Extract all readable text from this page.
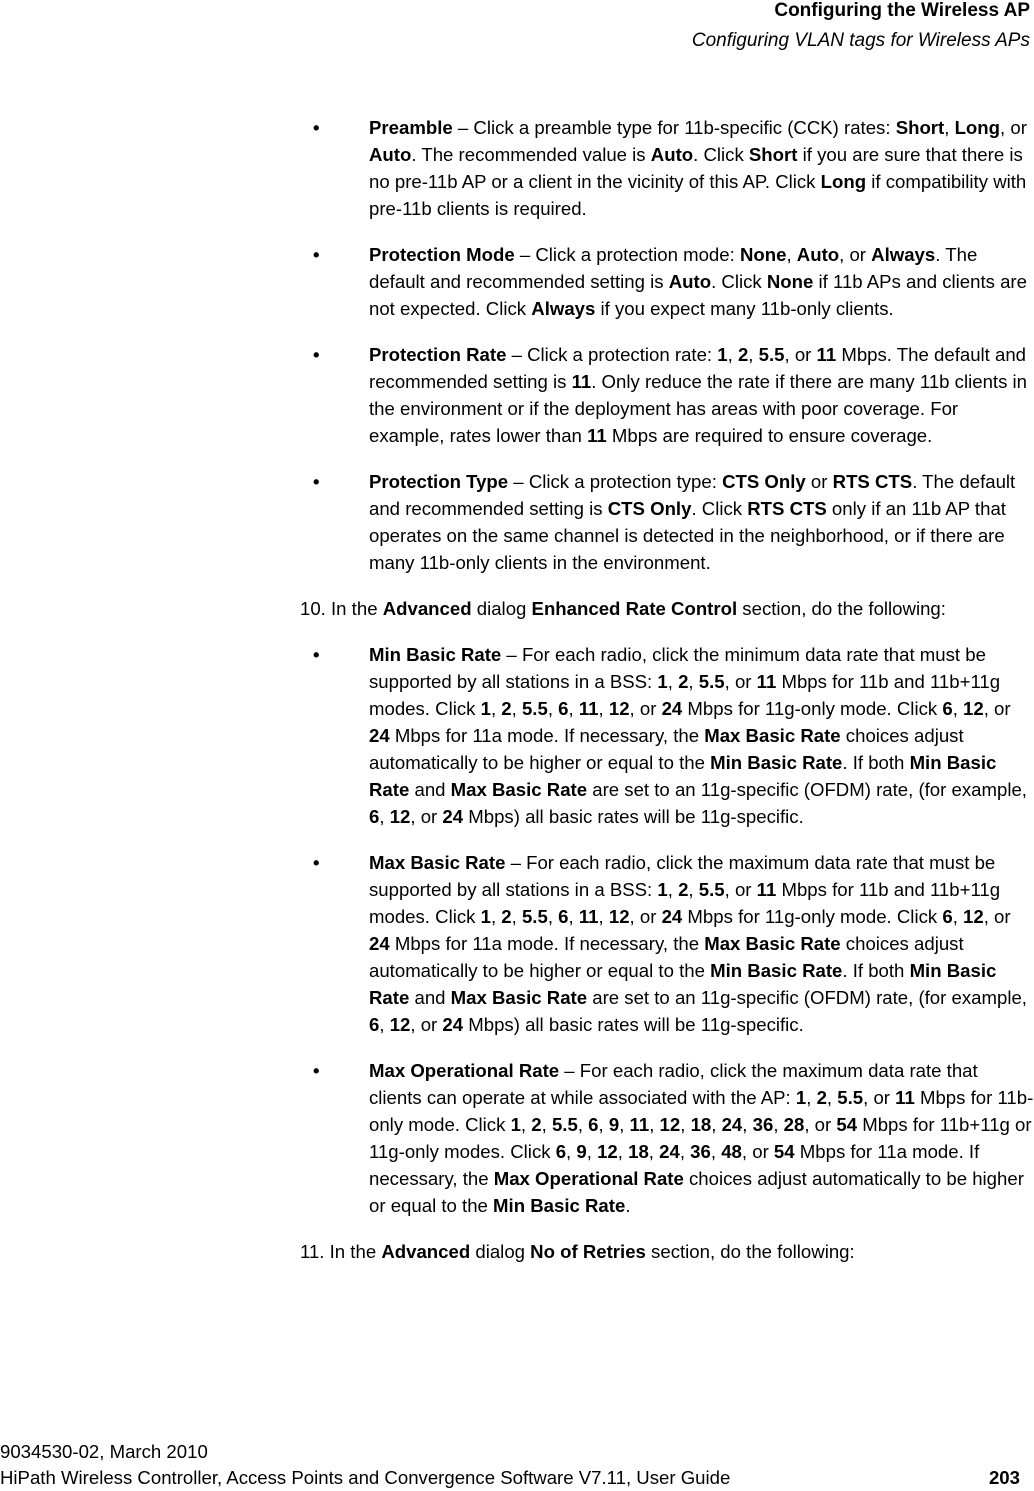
Configuring the Wireless AP
Configuring VLAN tags for Wireless APs
•	Preamble – Click a preamble type for 11b-specific (CCK) rates: Short, Long, or Auto. The recommended value is Auto. Click Short if you are sure that there is no pre-11b AP or a client in the vicinity of this AP. Click Long if compatibility with pre-11b clients is required.
•	Protection Mode – Click a protection mode: None, Auto, or Always. The default and recommended setting is Auto. Click None if 11b APs and clients are not expected. Click Always if you expect many 11b-only clients.
•	Protection Rate – Click a protection rate: 1, 2, 5.5, or 11 Mbps. The default and recommended setting is 11. Only reduce the rate if there are many 11b clients in the environment or if the deployment has areas with poor coverage. For example, rates lower than 11 Mbps are required to ensure coverage.
•	Protection Type – Click a protection type: CTS Only or RTS CTS. The default and recommended setting is CTS Only. Click RTS CTS only if an 11b AP that operates on the same channel is detected in the neighborhood, or if there are many 11b-only clients in the environment.
10. In the Advanced dialog Enhanced Rate Control section, do the following:
•	Min Basic Rate – For each radio, click the minimum data rate that must be supported by all stations in a BSS: 1, 2, 5.5, or 11 Mbps for 11b and 11b+11g modes. Click 1, 2, 5.5, 6, 11, 12, or 24 Mbps for 11g-only mode. Click 6, 12, or 24 Mbps for 11a mode. If necessary, the Max Basic Rate choices adjust automatically to be higher or equal to the Min Basic Rate. If both Min Basic Rate and Max Basic Rate are set to an 11g-specific (OFDM) rate, (for example, 6, 12, or 24 Mbps) all basic rates will be 11g-specific.
•	Max Basic Rate – For each radio, click the maximum data rate that must be supported by all stations in a BSS: 1, 2, 5.5, or 11 Mbps for 11b and 11b+11g modes. Click 1, 2, 5.5, 6, 11, 12, or 24 Mbps for 11g-only mode. Click 6, 12, or 24 Mbps for 11a mode. If necessary, the Max Basic Rate choices adjust automatically to be higher or equal to the Min Basic Rate. If both Min Basic Rate and Max Basic Rate are set to an 11g-specific (OFDM) rate, (for example, 6, 12, or 24 Mbps) all basic rates will be 11g-specific.
•	Max Operational Rate – For each radio, click the maximum data rate that clients can operate at while associated with the AP: 1, 2, 5.5, or 11 Mbps for 11b-only mode. Click 1, 2, 5.5, 6, 9, 11, 12, 18, 24, 36, 28, or 54 Mbps for 11b+11g or 11g-only modes. Click 6, 9, 12, 18, 24, 36, 48, or 54 Mbps for 11a mode. If necessary, the Max Operational Rate choices adjust automatically to be higher or equal to the Min Basic Rate.
11. In the Advanced dialog No of Retries section, do the following:
9034530-02, March 2010
HiPath Wireless Controller, Access Points and Convergence Software V7.11, User Guide	203
